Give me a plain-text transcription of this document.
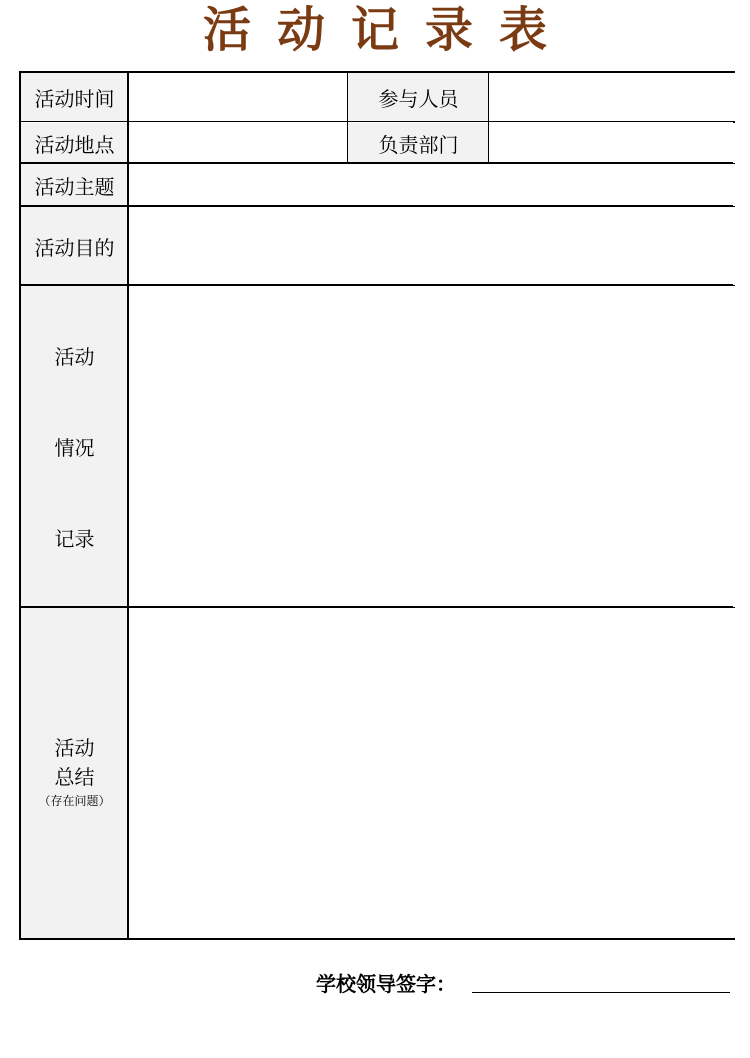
活动记录表
活动时间	参与人员
活动地点	负责部门
活动主题
活动目的
活动
情况
记录
活动
总结
（存在问题）
学校领导签字：
